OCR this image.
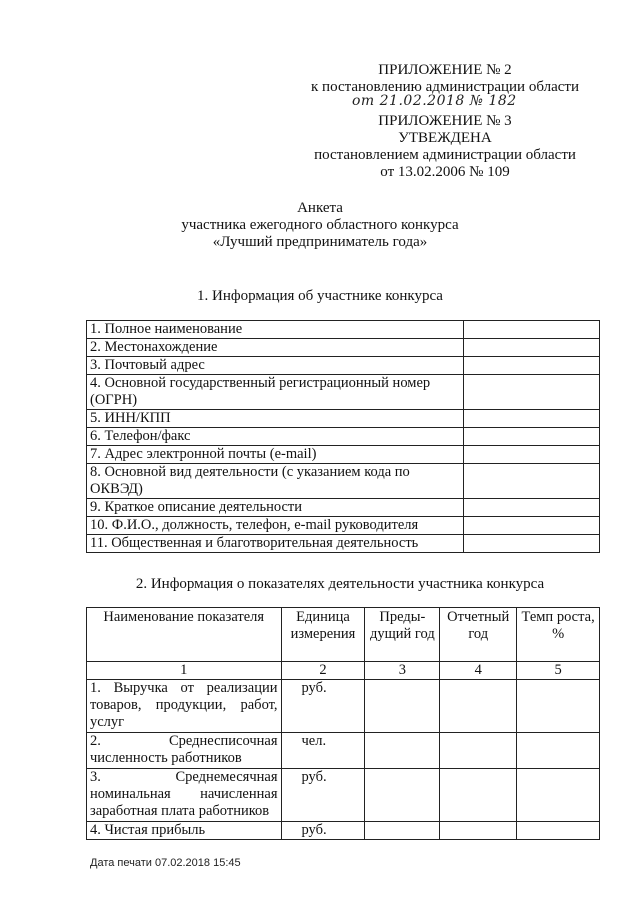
ПРИЛОЖЕНИЕ № 2
к постановлению администрации области
от 21.02.2018 № 182
ПРИЛОЖЕНИЕ № 3
УТВЕЖДЕНА
постановлением администрации области
от 13.02.2006 № 109
Анкета
участника ежегодного областного конкурса
«Лучший предприниматель года»
1. Информация об участнике конкурса
1. Полное наименование	
2. Местонахождение	
3. Почтовый адрес	
4. Основной государственный регистрационный номер (ОГРН)	
5. ИНН/КПП	
6. Телефон/факс	
7. Адрес электронной почты (e-mail)	
8. Основной вид деятельности (с указанием кода по ОКВЭД)	
9. Краткое описание деятельности	
10. Ф.И.О., должность, телефон, e-mail руководителя	
11. Общественная и благотворительная деятельность	
2. Информация о показателях деятельности участника конкурса
Наименование показателя	Единица измерения	Преды-дущий год	Отчетный год	Темп роста, %
1	2	3	4	5
1. Выручка от реализации товаров, продукции, работ, услуг	руб.			
2. Среднесписочная численность работников	чел.			
3. Среднемесячная номинальная начисленная заработная плата работников	руб.			
4. Чистая прибыль	руб.			
Дата печати 07.02.2018 15:45
